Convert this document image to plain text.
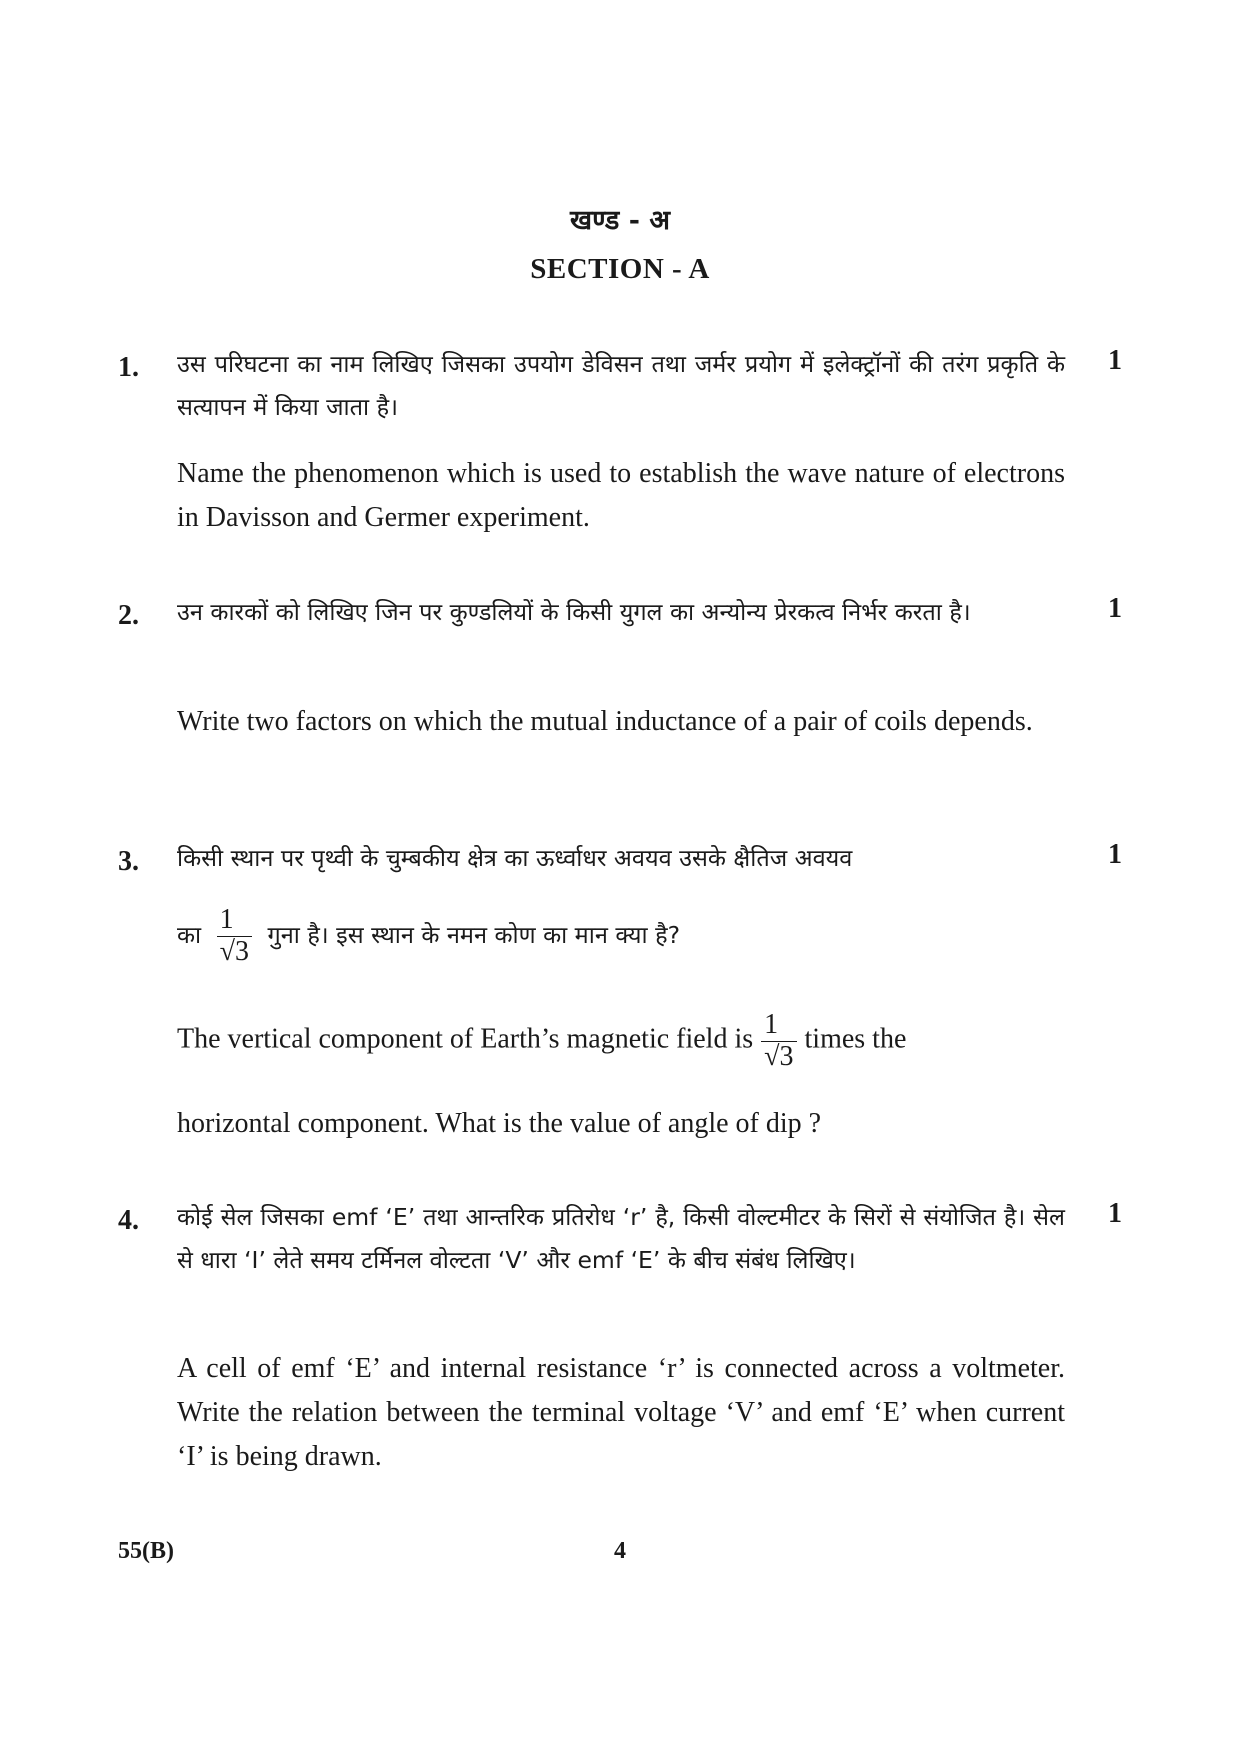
खण्ड - अ
SECTION - A
1.	1
उस परिघटना का नाम लिखिए जिसका उपयोग डेविसन तथा जर्मर प्रयोग में इलेक्ट्रॉनों की तरंग प्रकृति के सत्यापन में किया जाता है।
Name the phenomenon which is used to establish the wave nature of electrons in Davisson and Germer experiment.
2.	1
उन कारकों को लिखिए जिन पर कुण्डलियों के किसी युगल का अन्योन्य प्रेरकत्व निर्भर करता है।
Write two factors on which the mutual inductance of a pair of coils depends.
3.	1
किसी स्थान पर पृथ्वी के चुम्बकीय क्षेत्र का ऊर्ध्वाधर अवयव उसके क्षैतिज अवयव
का $\frac{1}{√3}$ गुना है। इस स्थान के नमन कोण का मान क्या है?
The vertical component of Earth’s magnetic field is $\frac{1}{√3}$ times the
horizontal component. What is the value of angle of dip ?
4.	1
कोई सेल जिसका emf ‘E’ तथा आन्तरिक प्रतिरोध ‘r’ है, किसी वोल्टमीटर के सिरों से संयोजित है। सेल से धारा ‘I’ लेते समय टर्मिनल वोल्टता ‘V’ और emf ‘E’ के बीच संबंध लिखिए।
A cell of emf ‘E’ and internal resistance ‘r’ is connected across a voltmeter. Write the relation between the terminal voltage ‘V’ and emf ‘E’ when current ‘I’ is being drawn.
55(B)	4
